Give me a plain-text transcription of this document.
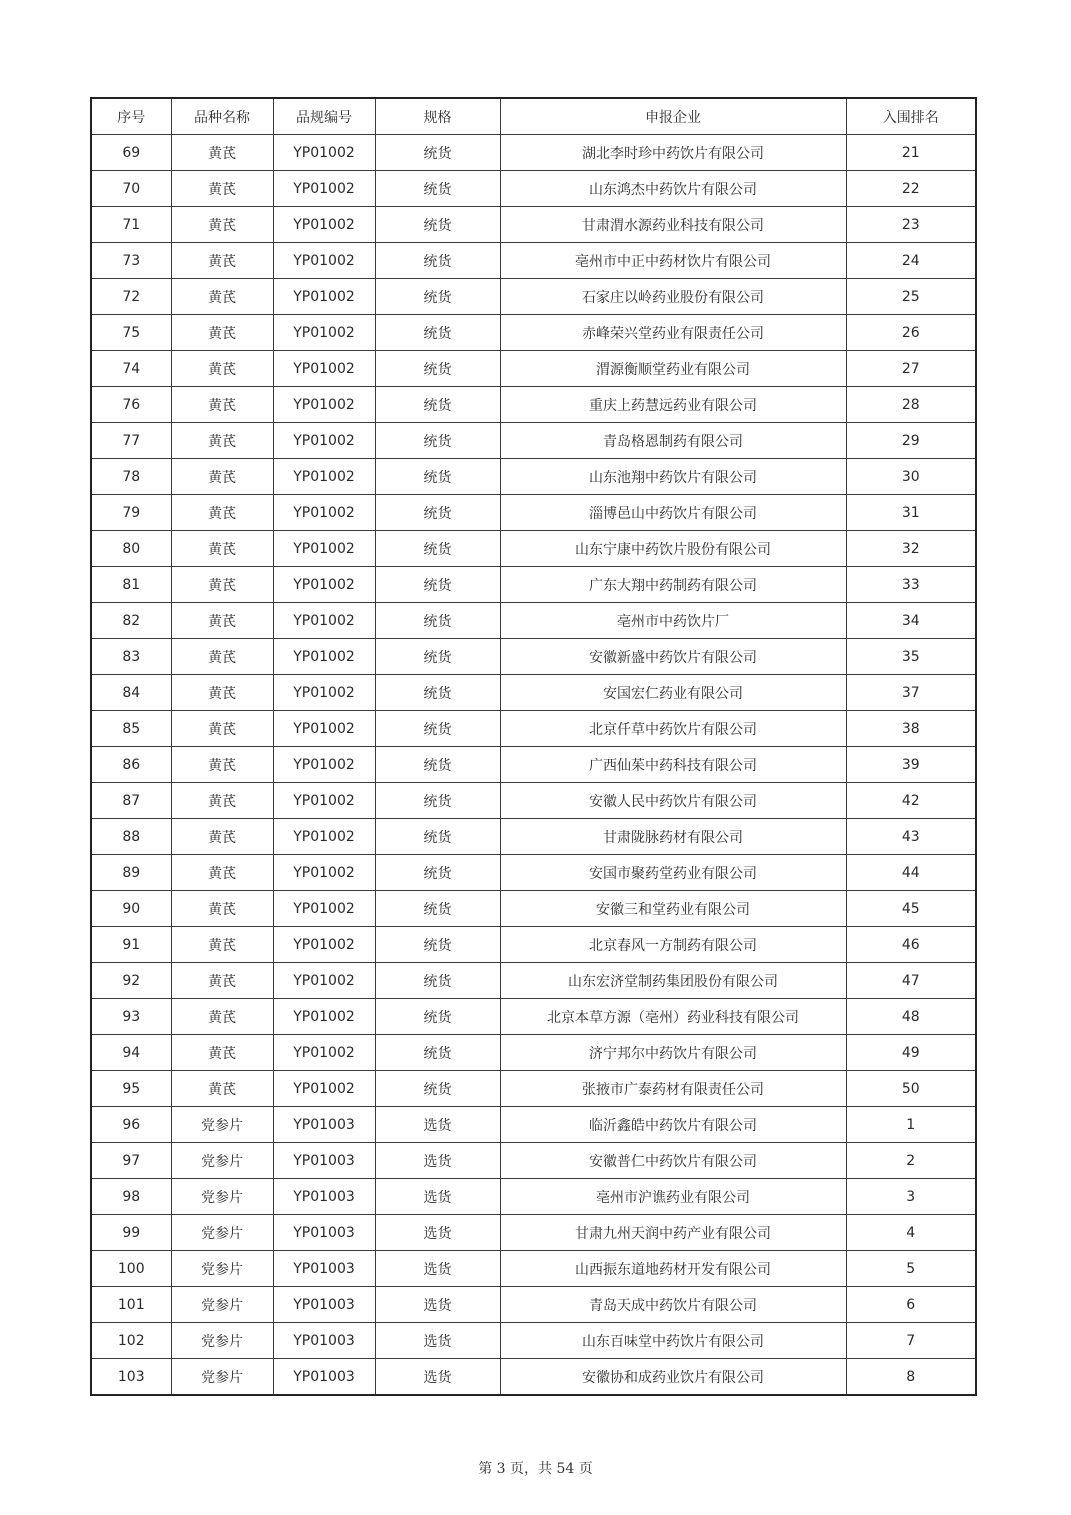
序号	品种名称	品规编号	规格	申报企业	入围排名
69	黄芪	YP01002	统货	湖北李时珍中药饮片有限公司	21
70	黄芪	YP01002	统货	山东鸿杰中药饮片有限公司	22
71	黄芪	YP01002	统货	甘肃渭水源药业科技有限公司	23
73	黄芪	YP01002	统货	亳州市中正中药材饮片有限公司	24
72	黄芪	YP01002	统货	石家庄以岭药业股份有限公司	25
75	黄芪	YP01002	统货	赤峰荣兴堂药业有限责任公司	26
74	黄芪	YP01002	统货	渭源衡顺堂药业有限公司	27
76	黄芪	YP01002	统货	重庆上药慧远药业有限公司	28
77	黄芪	YP01002	统货	青岛格恩制药有限公司	29
78	黄芪	YP01002	统货	山东池翔中药饮片有限公司	30
79	黄芪	YP01002	统货	淄博邑山中药饮片有限公司	31
80	黄芪	YP01002	统货	山东宁康中药饮片股份有限公司	32
81	黄芪	YP01002	统货	广东大翔中药制药有限公司	33
82	黄芪	YP01002	统货	亳州市中药饮片厂	34
83	黄芪	YP01002	统货	安徽新盛中药饮片有限公司	35
84	黄芪	YP01002	统货	安国宏仁药业有限公司	37
85	黄芪	YP01002	统货	北京仟草中药饮片有限公司	38
86	黄芪	YP01002	统货	广西仙茱中药科技有限公司	39
87	黄芪	YP01002	统货	安徽人民中药饮片有限公司	42
88	黄芪	YP01002	统货	甘肃陇脉药材有限公司	43
89	黄芪	YP01002	统货	安国市聚药堂药业有限公司	44
90	黄芪	YP01002	统货	安徽三和堂药业有限公司	45
91	黄芪	YP01002	统货	北京春风一方制药有限公司	46
92	黄芪	YP01002	统货	山东宏济堂制药集团股份有限公司	47
93	黄芪	YP01002	统货	北京本草方源（亳州）药业科技有限公司	48
94	黄芪	YP01002	统货	济宁邦尔中药饮片有限公司	49
95	黄芪	YP01002	统货	张掖市广泰药材有限责任公司	50
96	党参片	YP01003	选货	临沂鑫皓中药饮片有限公司	1
97	党参片	YP01003	选货	安徽普仁中药饮片有限公司	2
98	党参片	YP01003	选货	亳州市沪谯药业有限公司	3
99	党参片	YP01003	选货	甘肃九州天润中药产业有限公司	4
100	党参片	YP01003	选货	山西振东道地药材开发有限公司	5
101	党参片	YP01003	选货	青岛天成中药饮片有限公司	6
102	党参片	YP01003	选货	山东百味堂中药饮片有限公司	7
103	党参片	YP01003	选货	安徽协和成药业饮片有限公司	8
第 3 页，共 54 页
